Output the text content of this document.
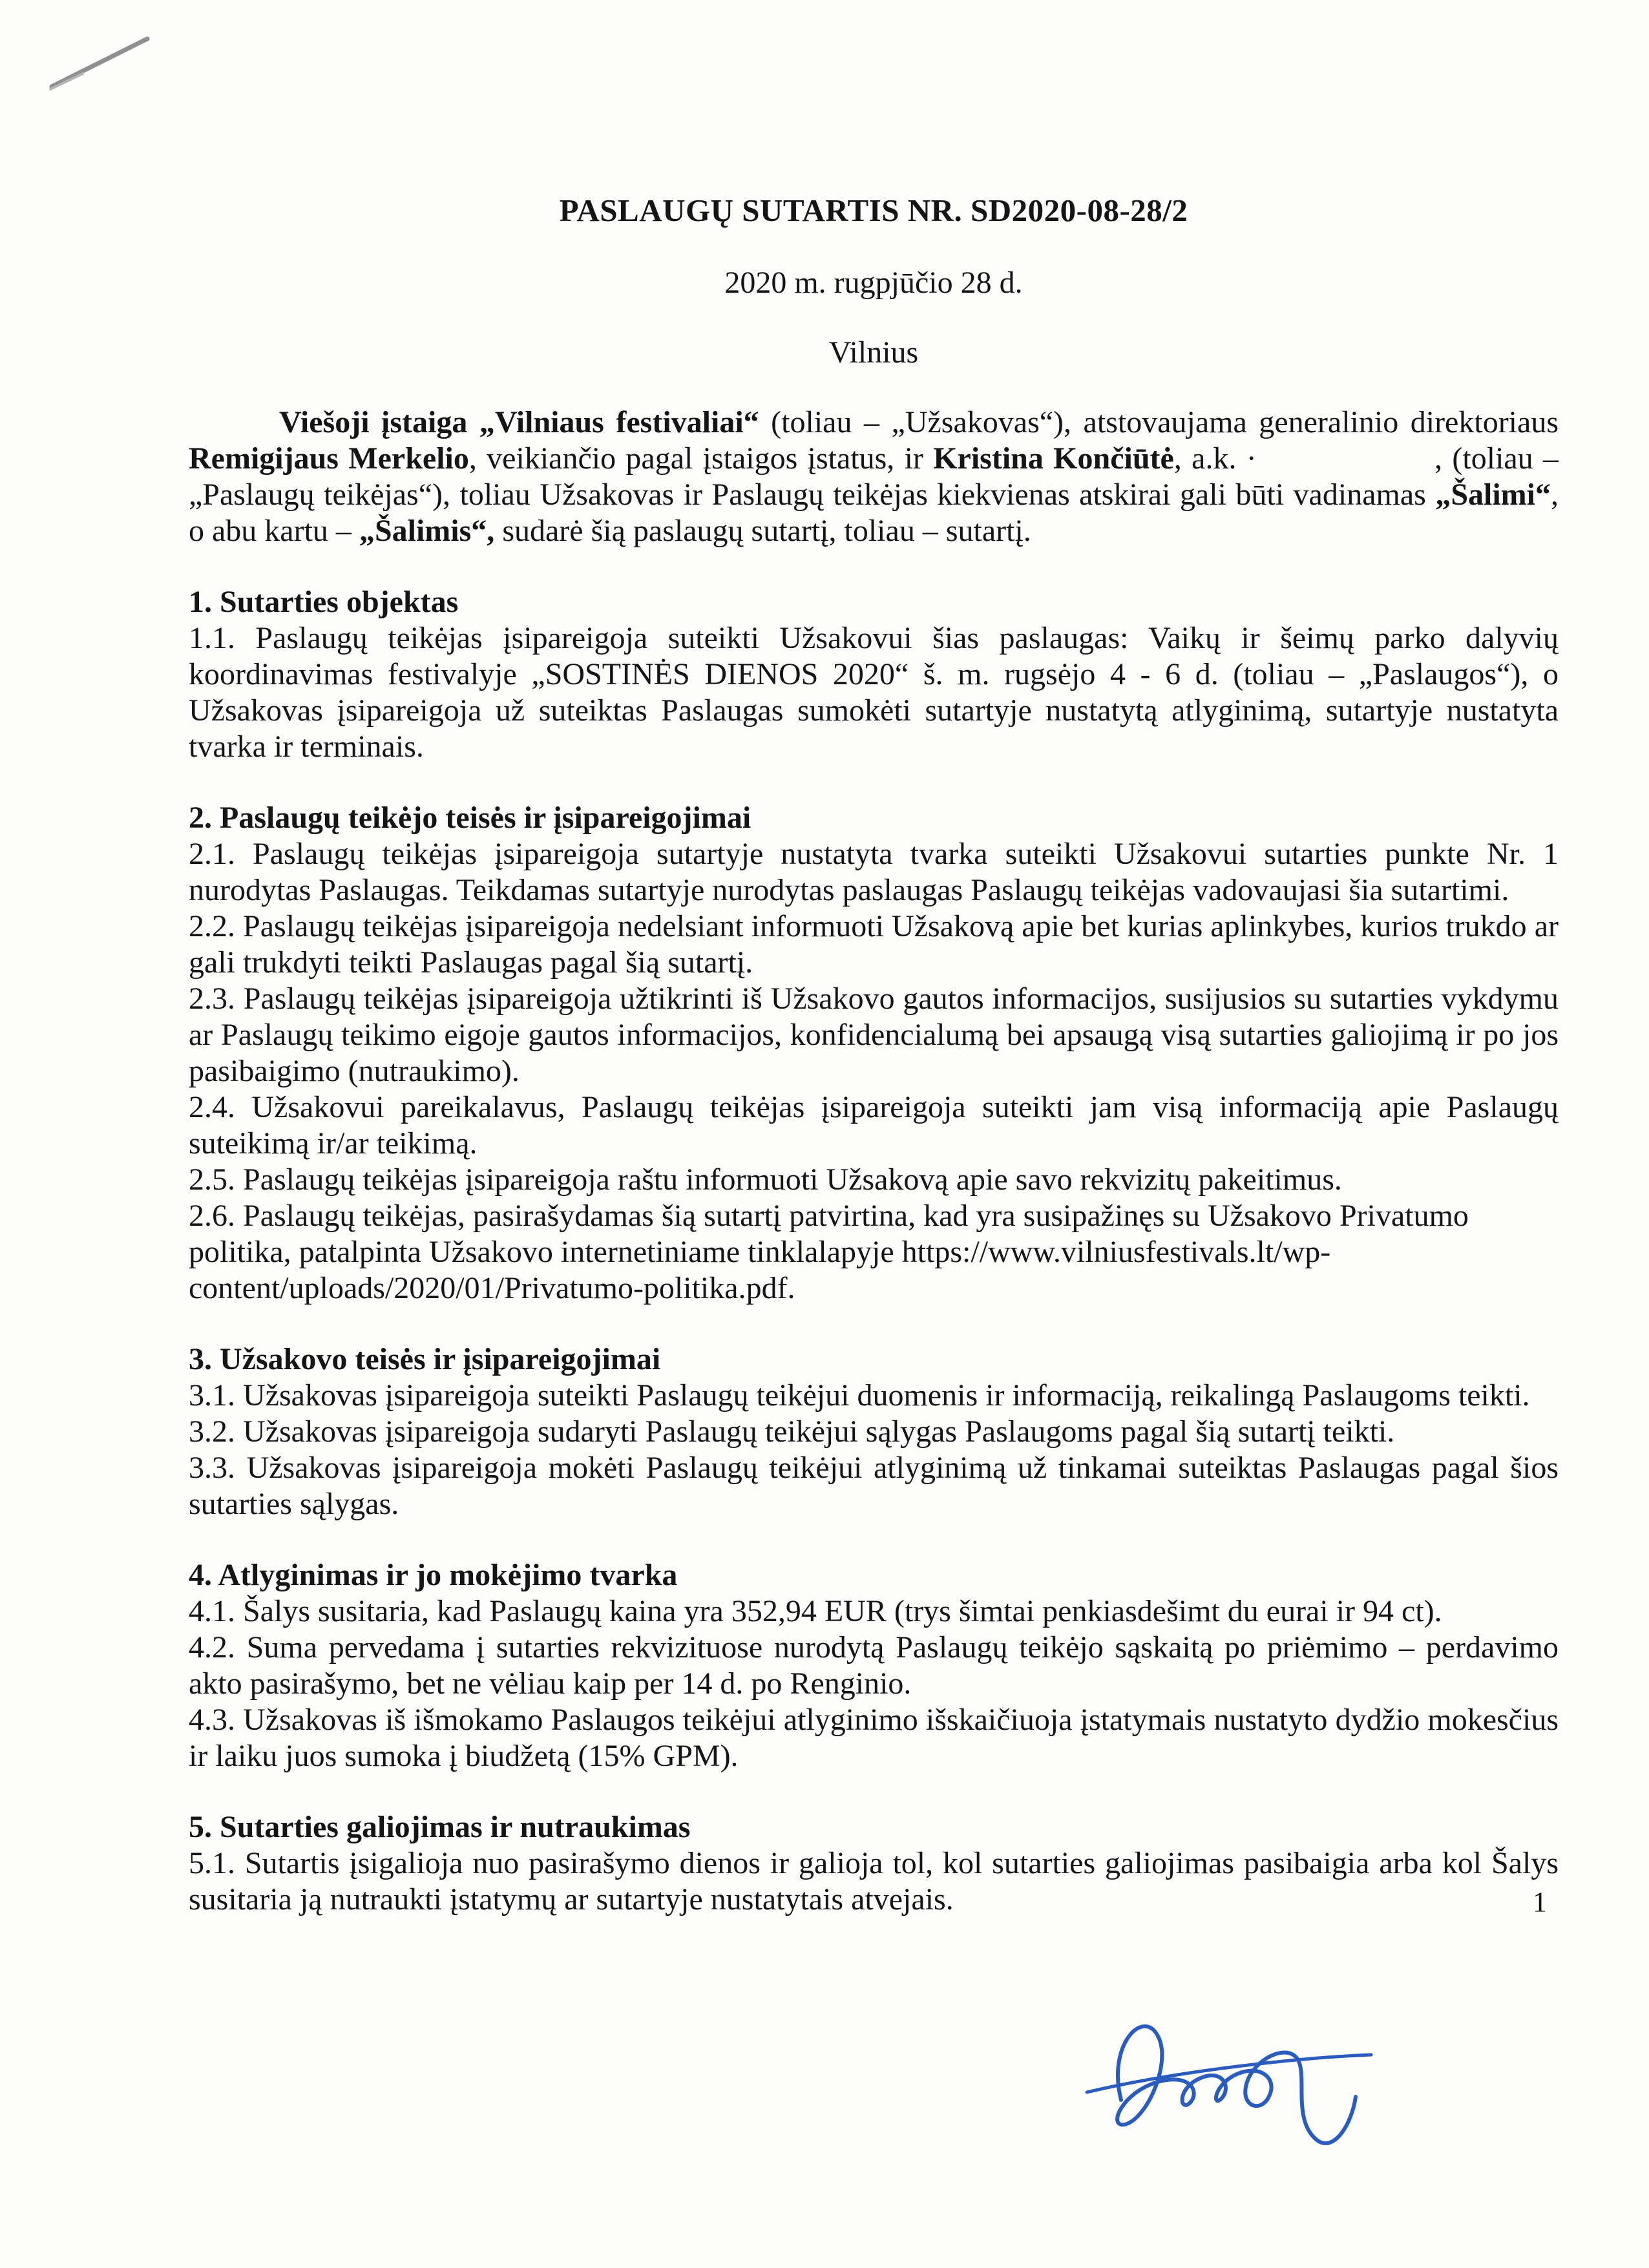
PASLAUGŲ SUTARTIS NR. SD2020-08-28/2

2020 m. rugpjūčio 28 d.

Vilnius

Viešoji įstaiga „Vilniaus festivaliai“ (toliau – „Užsakovas“), atstovaujama generalinio direktoriaus Remigijaus Merkelio, veikiančio pagal įstaigos įstatus, ir Kristina Končiūtė, a.k. ·                  , (toliau – „Paslaugų teikėjas“), toliau Užsakovas ir Paslaugų teikėjas kiekvienas atskirai gali būti vadinamas „Šalimi“, o abu kartu – „Šalimis“, sudarė šią paslaugų sutartį, toliau – sutartį.

1. Sutarties objektas

1.1. Paslaugų teikėjas įsipareigoja suteikti Užsakovui šias paslaugas: Vaikų ir šeimų parko dalyvių koordinavimas festivalyje „SOSTINĖS DIENOS 2020“ š. m. rugsėjo 4 - 6 d. (toliau – „Paslaugos“), o Užsakovas įsipareigoja už suteiktas Paslaugas sumokėti sutartyje nustatytą atlyginimą, sutartyje nustatyta tvarka ir terminais.

2. Paslaugų teikėjo teisės ir įsipareigojimai

2.1. Paslaugų teikėjas įsipareigoja sutartyje nustatyta tvarka suteikti Užsakovui sutarties punkte Nr. 1 nurodytas Paslaugas. Teikdamas sutartyje nurodytas paslaugas Paslaugų teikėjas vadovaujasi šia sutartimi.

2.2. Paslaugų teikėjas įsipareigoja nedelsiant informuoti Užsakovą apie bet kurias aplinkybes, kurios trukdo ar gali trukdyti teikti Paslaugas pagal šią sutartį.

2.3. Paslaugų teikėjas įsipareigoja užtikrinti iš Užsakovo gautos informacijos, susijusios su sutarties vykdymu ar Paslaugų teikimo eigoje gautos informacijos, konfidencialumą bei apsaugą visą sutarties galiojimą ir po jos pasibaigimo (nutraukimo).

2.4. Užsakovui pareikalavus, Paslaugų teikėjas įsipareigoja suteikti jam visą informaciją apie Paslaugų suteikimą ir/ar teikimą.

2.5. Paslaugų teikėjas įsipareigoja raštu informuoti Užsakovą apie savo rekvizitų pakeitimus.

2.6. Paslaugų teikėjas, pasirašydamas šią sutartį patvirtina, kad yra susipažinęs su Užsakovo Privatumo politika, patalpinta Užsakovo internetiniame tinklalapyje https://www.vilniusfestivals.lt/wp-content/uploads/2020/01/Privatumo-politika.pdf.

3. Užsakovo teisės ir įsipareigojimai

3.1. Užsakovas įsipareigoja suteikti Paslaugų teikėjui duomenis ir informaciją, reikalingą Paslaugoms teikti.

3.2. Užsakovas įsipareigoja sudaryti Paslaugų teikėjui sąlygas Paslaugoms pagal šią sutartį teikti.

3.3. Užsakovas įsipareigoja mokėti Paslaugų teikėjui atlyginimą už tinkamai suteiktas Paslaugas pagal šios sutarties sąlygas.

4. Atlyginimas ir jo mokėjimo tvarka

4.1. Šalys susitaria, kad Paslaugų kaina yra 352,94 EUR (trys šimtai penkiasdešimt du eurai ir 94 ct).

4.2. Suma pervedama į sutarties rekvizituose nurodytą Paslaugų teikėjo sąskaitą po priėmimo – perdavimo akto pasirašymo, bet ne vėliau kaip per 14 d. po Renginio.

4.3. Užsakovas iš išmokamo Paslaugos teikėjui atlyginimo išskaičiuoja įstatymais nustatyto dydžio mokesčius ir laiku juos sumoka į biudžetą (15% GPM).

5. Sutarties galiojimas ir nutraukimas

5.1. Sutartis įsigalioja nuo pasirašymo dienos ir galioja tol, kol sutarties galiojimas pasibaigia arba kol Šalys susitaria ją nutraukti įstatymų ar sutartyje nustatytais atvejais.	1
